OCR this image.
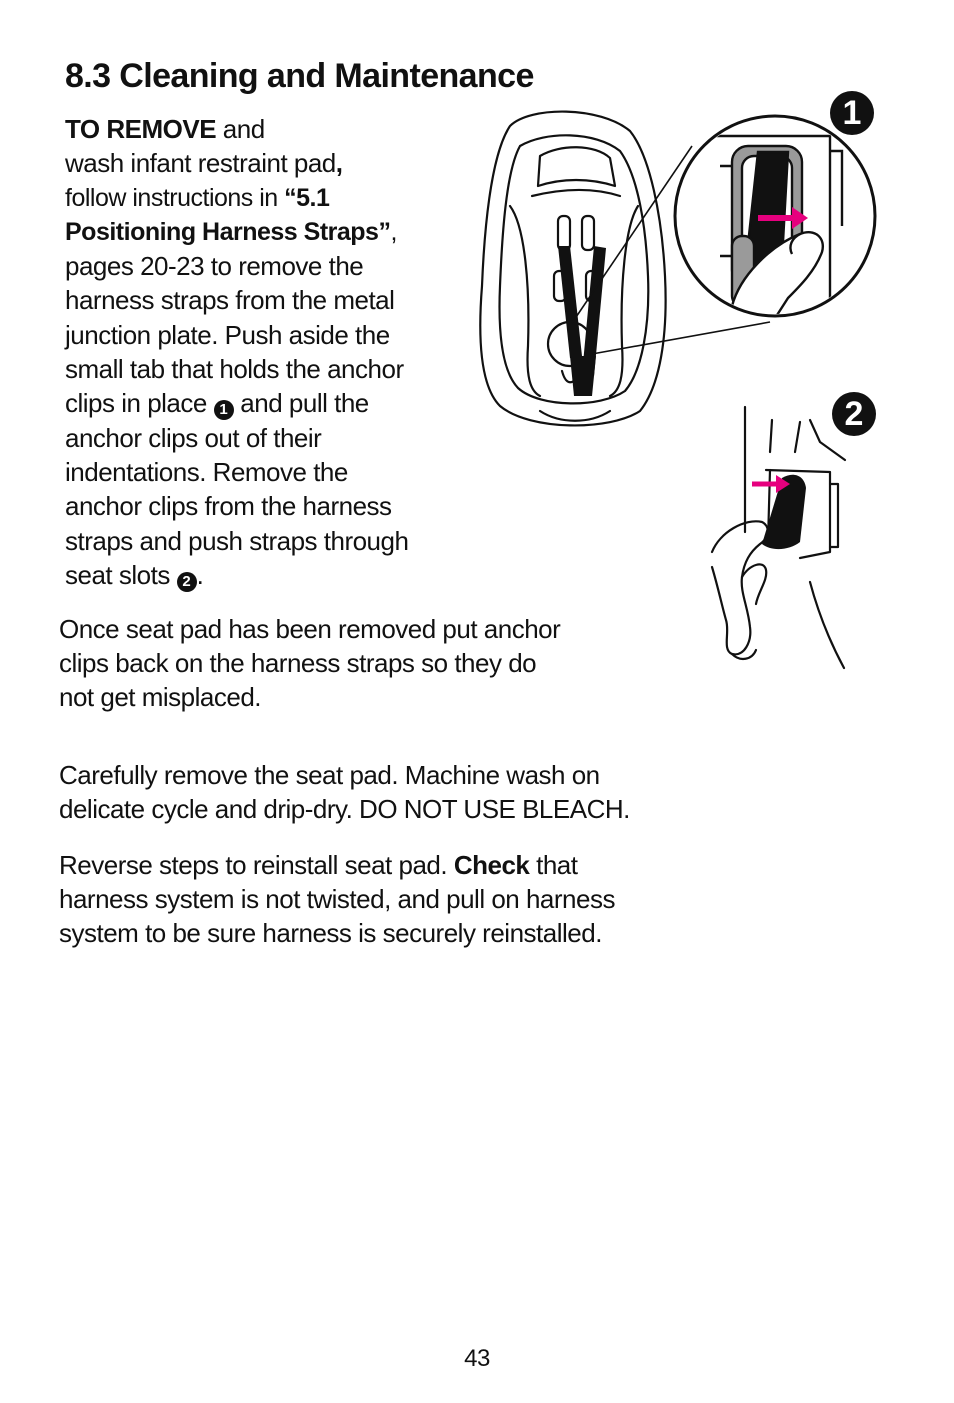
8.3 Cleaning and Maintenance
TO REMOVE and
wash infant restraint pad,
follow instructions in “5.1
Positioning Harness Straps”,
pages 20-23 to remove the
harness straps from the metal
junction plate. Push aside the
small tab that holds the anchor
clips in place 1 and pull the
anchor clips out of their
indentations. Remove the
anchor clips from the harness
straps and push straps through
seat slots 2 .
Once seat pad has been removed put anchor
clips back on the harness straps so they do
not get misplaced.
Carefully remove the seat pad. Machine wash on
delicate cycle and drip-dry. DO NOT USE BLEACH.
Reverse steps to reinstall seat pad. Check that
harness system is not twisted, and pull on harness
system to be sure harness is securely reinstalled.
1
2
43
